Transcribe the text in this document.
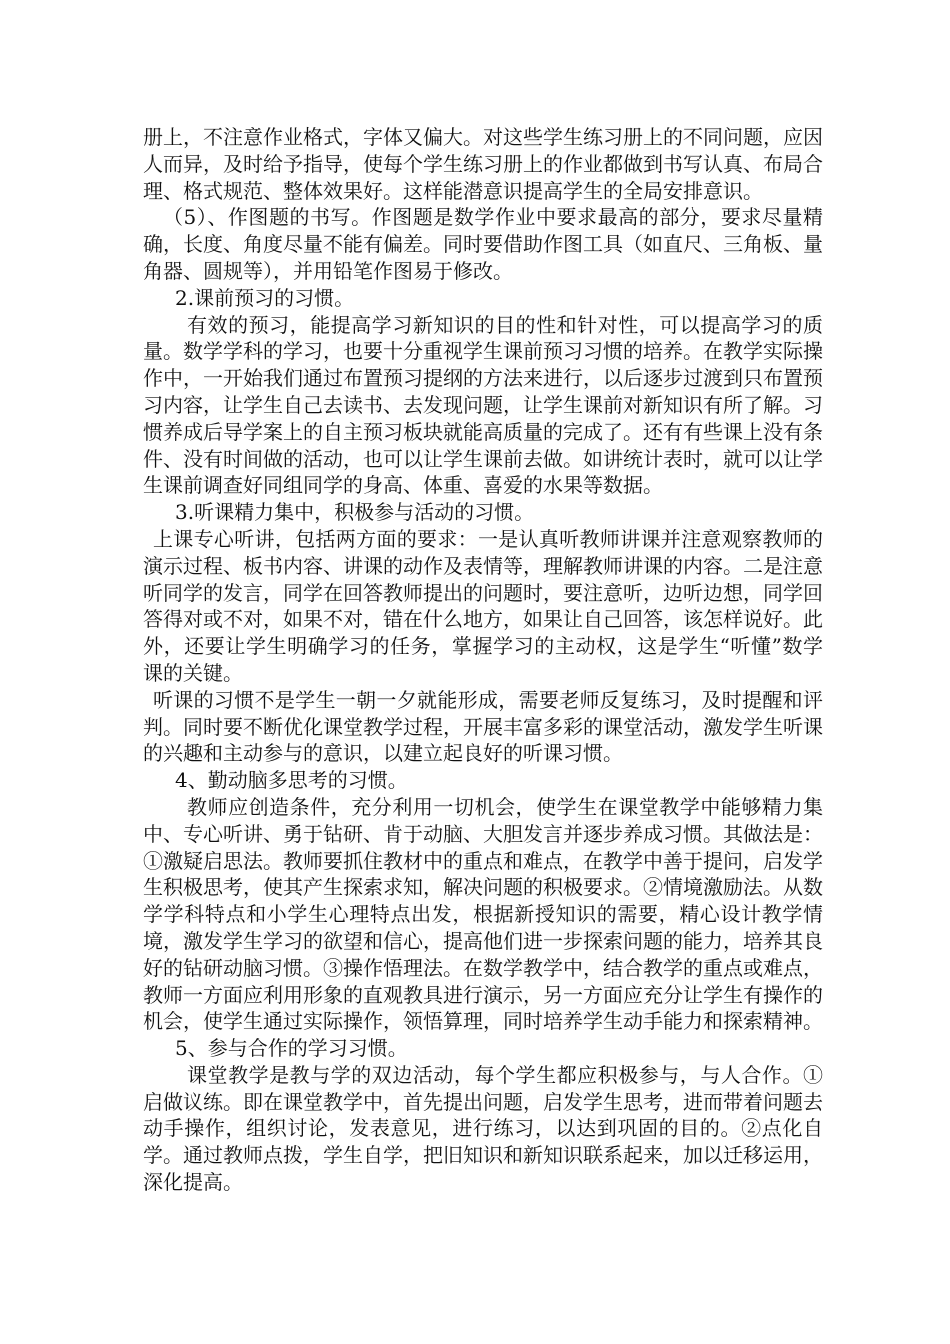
册上，不注意作业格式，字体又偏大。对这些学生练习册上的不同问题，应因人而异，及时给予指导，使每个学生练习册上的作业都做到书写认真、布局合理、格式规范、整体效果好。这样能潜意识提高学生的全局安排意识。

（5）、作图题的书写。作图题是数学作业中要求最高的部分，要求尽量精确，长度、角度尽量不能有偏差。同时要借助作图工具（如直尺、三角板、量角器、圆规等），并用铅笔作图易于修改。

2.课前预习的习惯。

有效的预习，能提高学习新知识的目的性和针对性，可以提高学习的质量。数学学科的学习，也要十分重视学生课前预习习惯的培养。在教学实际操作中，一开始我们通过布置预习提纲的方法来进行，以后逐步过渡到只布置预习内容，让学生自己去读书、去发现问题，让学生课前对新知识有所了解。习惯养成后导学案上的自主预习板块就能高质量的完成了。还有有些课上没有条件、没有时间做的活动，也可以让学生课前去做。如讲统计表时，就可以让学生课前调查好同组同学的身高、体重、喜爱的水果等数据。

3.听课精力集中，积极参与活动的习惯。

上课专心听讲，包括两方面的要求：一是认真听教师讲课并注意观察教师的演示过程、板书内容、讲课的动作及表情等，理解教师讲课的内容。二是注意听同学的发言，同学在回答教师提出的问题时，要注意听，边听边想，同学回答得对或不对，如果不对，错在什么地方，如果让自己回答，该怎样说好。此外，还要让学生明确学习的任务，掌握学习的主动权，这是学生“听懂”数学课的关键。

听课的习惯不是学生一朝一夕就能形成，需要老师反复练习，及时提醒和评判。同时要不断优化课堂教学过程，开展丰富多彩的课堂活动，激发学生听课的兴趣和主动参与的意识，以建立起良好的听课习惯。

4、勤动脑多思考的习惯。

教师应创造条件，充分利用一切机会，使学生在课堂教学中能够精力集中、专心听讲、勇于钻研、肯于动脑、大胆发言并逐步养成习惯。其做法是：①激疑启思法。教师要抓住教材中的重点和难点，在教学中善于提问，启发学生积极思考，使其产生探索求知，解决问题的积极要求。②情境激励法。从数学学科特点和小学生心理特点出发，根据新授知识的需要，精心设计教学情境，激发学生学习的欲望和信心，提高他们进一步探索问题的能力，培养其良好的钻研动脑习惯。③操作悟理法。在数学教学中，结合教学的重点或难点，教师一方面应利用形象的直观教具进行演示，另一方面应充分让学生有操作的机会，使学生通过实际操作，领悟算理，同时培养学生动手能力和探索精神。

5、参与合作的学习习惯。

课堂教学是教与学的双边活动，每个学生都应积极参与，与人合作。①启做议练。即在课堂教学中，首先提出问题，启发学生思考，进而带着问题去动手操作，组织讨论，发表意见，进行练习，以达到巩固的目的。②点化自学。通过教师点拨，学生自学，把旧知识和新知识联系起来，加以迁移运用，深化提高。
